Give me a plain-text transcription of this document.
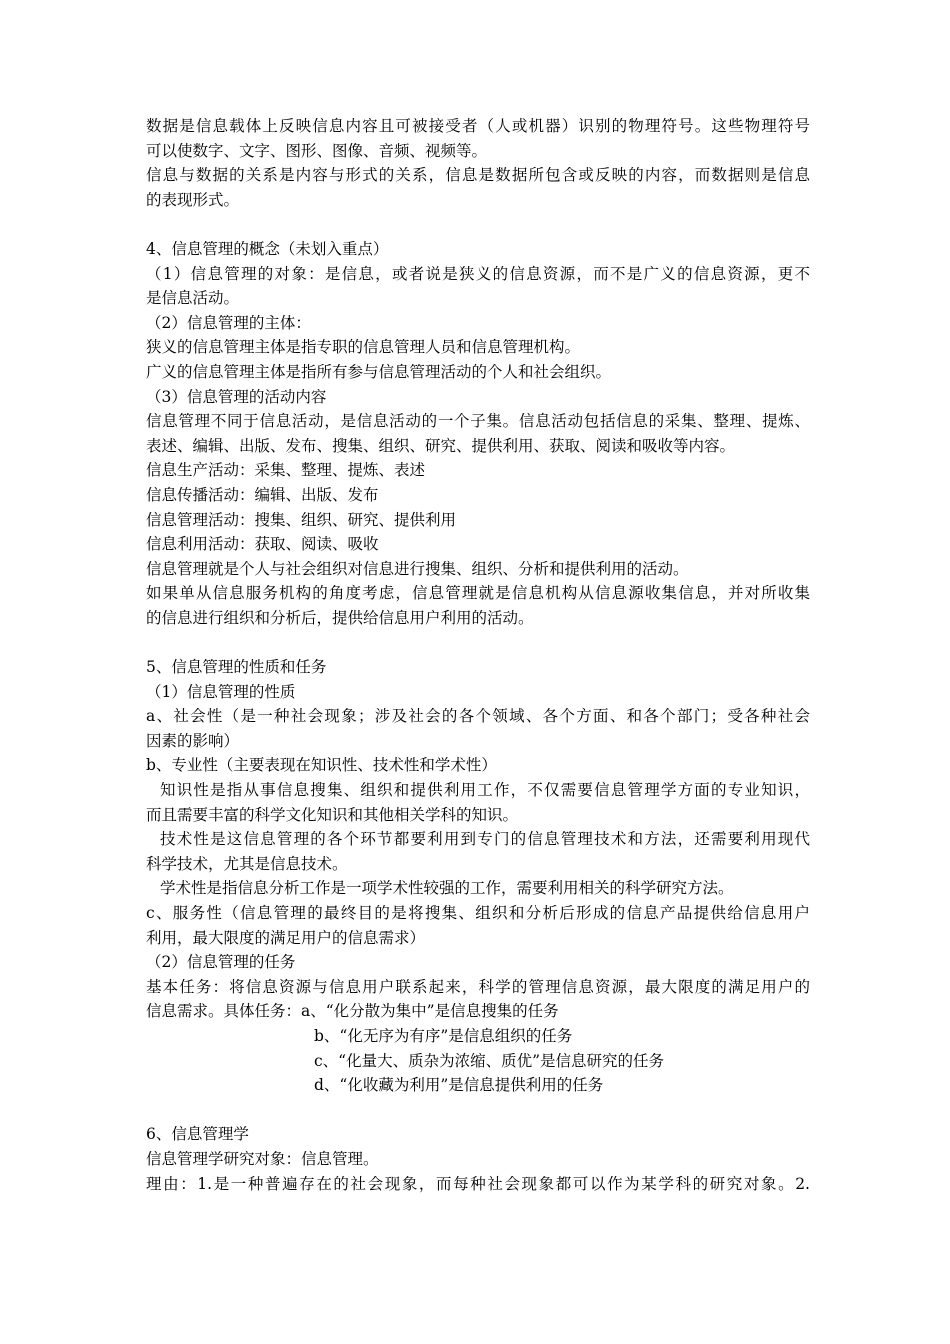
数据是信息载体上反映信息内容且可被接受者（人或机器）识别的物理符号。这些物理符号
可以使数字、文字、图形、图像、音频、视频等。
信息与数据的关系是内容与形式的关系，信息是数据所包含或反映的内容，而数据则是信息
的表现形式。
4、信息管理的概念（未划入重点）
（1）信息管理的对象：是信息，或者说是狭义的信息资源，而不是广义的信息资源，更不
是信息活动。
（2）信息管理的主体：
狭义的信息管理主体是指专职的信息管理人员和信息管理机构。
广义的信息管理主体是指所有参与信息管理活动的个人和社会组织。
（3）信息管理的活动内容
信息管理不同于信息活动，是信息活动的一个子集。信息活动包括信息的采集、整理、提炼、
表述、编辑、出版、发布、搜集、组织、研究、提供利用、获取、阅读和吸收等内容。
信息生产活动：采集、整理、提炼、表述
信息传播活动：编辑、出版、发布
信息管理活动：搜集、组织、研究、提供利用
信息利用活动：获取、阅读、吸收
信息管理就是个人与社会组织对信息进行搜集、组织、分析和提供利用的活动。
如果单从信息服务机构的角度考虑，信息管理就是信息机构从信息源收集信息，并对所收集
的信息进行组织和分析后，提供给信息用户利用的活动。
5、信息管理的性质和任务
（1）信息管理的性质
a、社会性（是一种社会现象；涉及社会的各个领域、各个方面、和各个部门；受各种社会
因素的影响）
b、专业性（主要表现在知识性、技术性和学术性）
知识性是指从事信息搜集、组织和提供利用工作，不仅需要信息管理学方面的专业知识，
而且需要丰富的科学文化知识和其他相关学科的知识。
技术性是这信息管理的各个环节都要利用到专门的信息管理技术和方法，还需要利用现代
科学技术，尤其是信息技术。
学术性是指信息分析工作是一项学术性较强的工作，需要利用相关的科学研究方法。
c、服务性（信息管理的最终目的是将搜集、组织和分析后形成的信息产品提供给信息用户
利用，最大限度的满足用户的信息需求）
（2）信息管理的任务
基本任务：将信息资源与信息用户联系起来，科学的管理信息资源，最大限度的满足用户的
信息需求。具体任务：a、“化分散为集中”是信息搜集的任务
b、“化无序为有序”是信息组织的任务
c、“化量大、质杂为浓缩、质优”是信息研究的任务
d、“化收藏为利用”是信息提供利用的任务
6、信息管理学
信息管理学研究对象：信息管理。
理由：1.是一种普遍存在的社会现象，而每种社会现象都可以作为某学科的研究对象。2.
